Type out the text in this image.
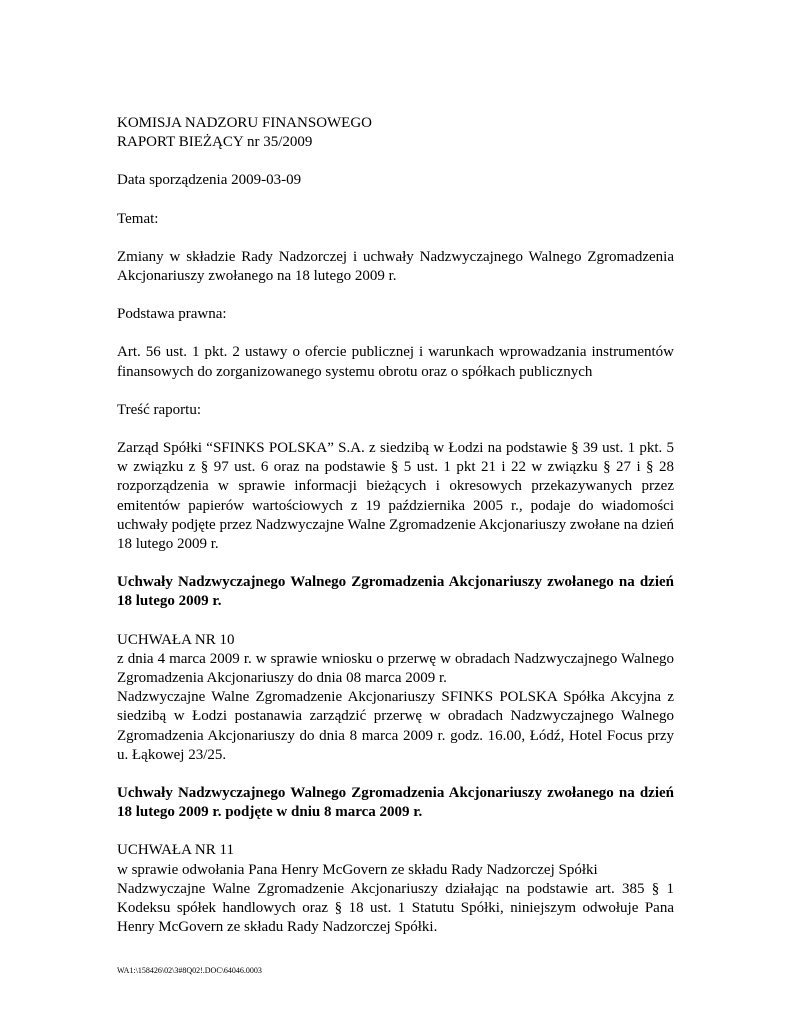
KOMISJA NADZORU FINANSOWEGO
RAPORT BIEŻĄCY nr 35/2009
Data sporządzenia 2009-03-09
Temat:
Zmiany w składzie Rady Nadzorczej i uchwały Nadzwyczajnego Walnego Zgromadzenia Akcjonariuszy zwołanego na 18 lutego 2009 r.
Podstawa prawna:
Art. 56 ust. 1 pkt. 2 ustawy o ofercie publicznej i warunkach wprowadzania instrumentów finansowych do zorganizowanego systemu obrotu oraz o spółkach publicznych
Treść raportu:
Zarząd Spółki “SFINKS POLSKA” S.A. z siedzibą w Łodzi na podstawie § 39 ust. 1 pkt. 5 w związku z § 97 ust. 6 oraz na podstawie § 5 ust. 1 pkt 21 i 22 w związku § 27 i § 28 rozporządzenia w sprawie informacji bieżących i okresowych przekazywanych przez emitentów papierów wartościowych z 19 października 2005 r., podaje do wiadomości uchwały podjęte przez Nadzwyczajne Walne Zgromadzenie Akcjonariuszy zwołane na dzień 18 lutego 2009 r.
Uchwały Nadzwyczajnego Walnego Zgromadzenia Akcjonariuszy zwołanego na dzień 18 lutego 2009 r.
UCHWAŁA NR 10
z dnia 4 marca 2009 r. w sprawie wniosku o przerwę w obradach Nadzwyczajnego Walnego Zgromadzenia Akcjonariuszy do dnia 08 marca 2009 r.
Nadzwyczajne Walne Zgromadzenie Akcjonariuszy SFINKS POLSKA Spółka Akcyjna z siedzibą w Łodzi postanawia zarządzić przerwę w obradach Nadzwyczajnego Walnego Zgromadzenia Akcjonariuszy do dnia 8 marca 2009 r. godz. 16.00, Łódź, Hotel Focus przy u. Łąkowej 23/25.
Uchwały Nadzwyczajnego Walnego Zgromadzenia Akcjonariuszy zwołanego na dzień 18 lutego 2009 r. podjęte w dniu 8 marca 2009 r.
UCHWAŁA NR 11
w sprawie odwołania Pana Henry McGovern ze składu Rady Nadzorczej Spółki
Nadzwyczajne Walne Zgromadzenie Akcjonariuszy działając na podstawie art. 385 § 1 Kodeksu spółek handlowych oraz § 18 ust. 1 Statutu Spółki, niniejszym odwołuje Pana Henry McGovern ze składu Rady Nadzorczej Spółki.
WA1:\158426\02\3#8Q02!.DOC\64046.0003
